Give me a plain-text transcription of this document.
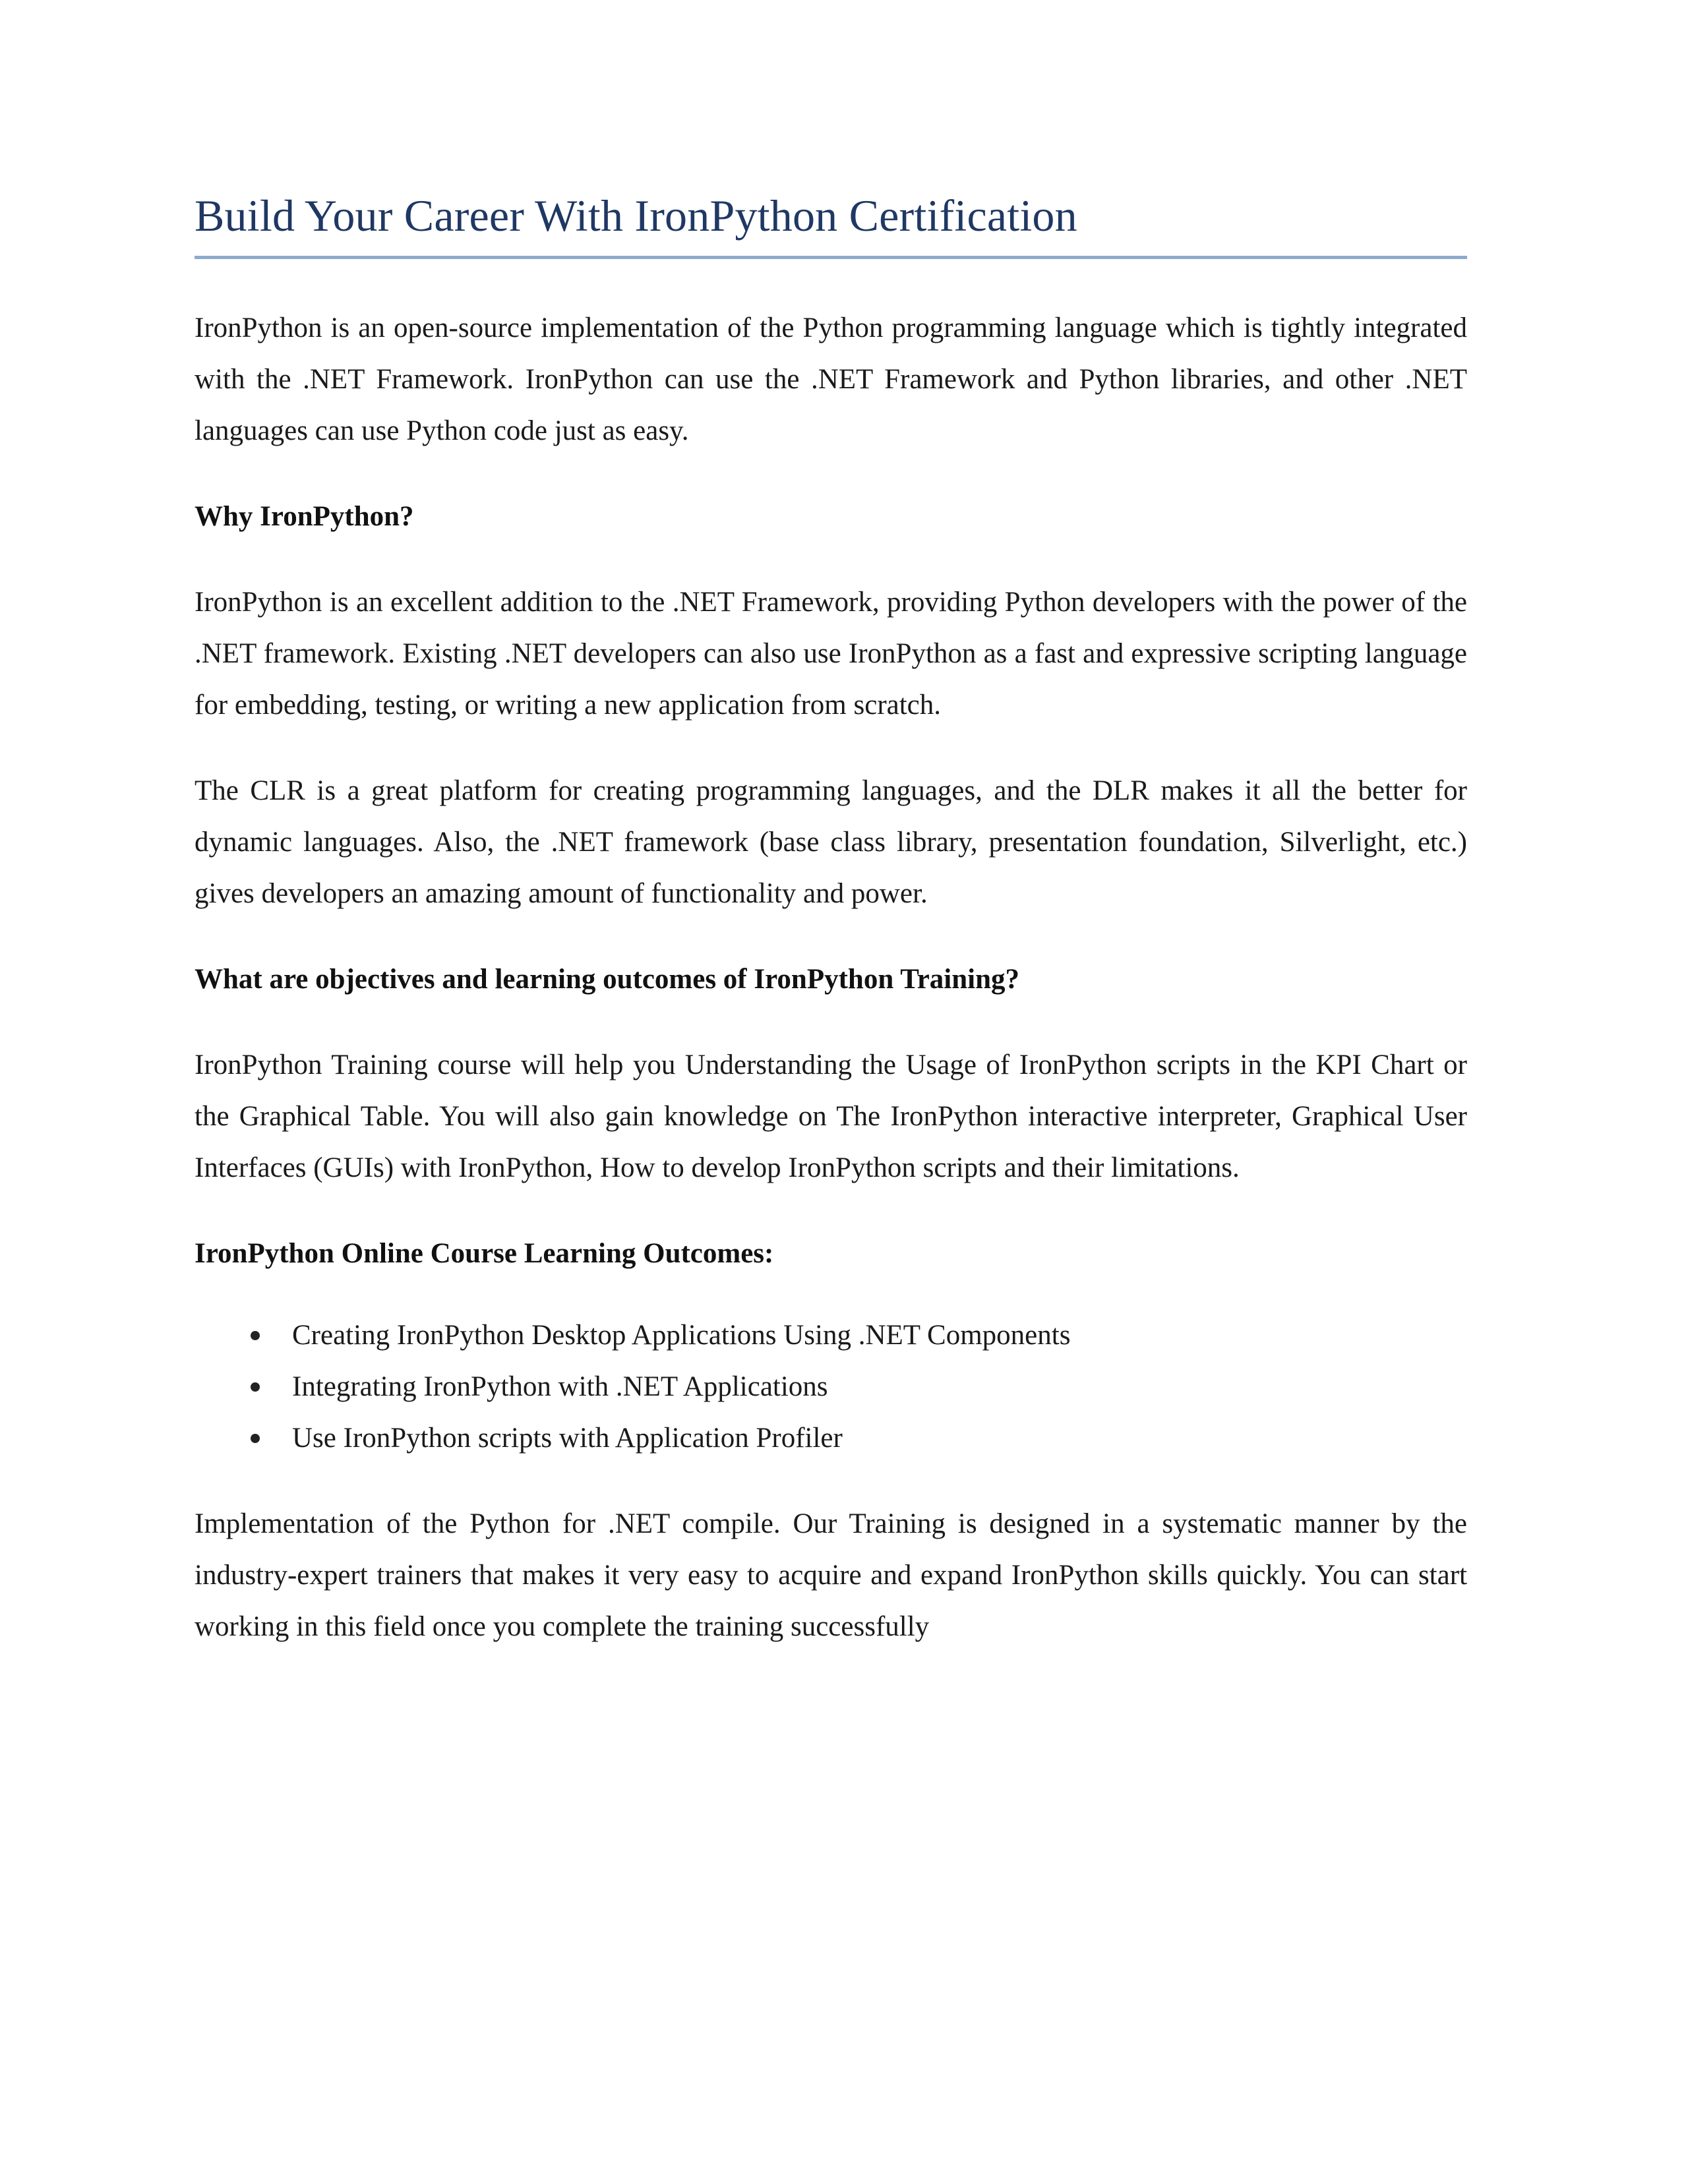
Build Your Career With IronPython Certification

IronPython is an open-source implementation of the Python programming language which is tightly integrated with the .NET Framework. IronPython can use the .NET Framework and Python libraries, and other .NET languages can use Python code just as easy.

Why IronPython?

IronPython is an excellent addition to the .NET Framework, providing Python developers with the power of the .NET framework. Existing .NET developers can also use IronPython as a fast and expressive scripting language for embedding, testing, or writing a new application from scratch.

The CLR is a great platform for creating programming languages, and the DLR makes it all the better for dynamic languages. Also, the .NET framework (base class library, presentation foundation, Silverlight, etc.) gives developers an amazing amount of functionality and power.

What are objectives and learning outcomes of IronPython Training?

IronPython Training course will help you Understanding the Usage of IronPython scripts in the KPI Chart or the Graphical Table. You will also gain knowledge on The IronPython interactive interpreter, Graphical User Interfaces (GUIs) with IronPython, How to develop IronPython scripts and their limitations.

IronPython Online Course Learning Outcomes:

Creating IronPython Desktop Applications Using .NET Components
Integrating IronPython with .NET Applications
Use IronPython scripts with Application Profiler

Implementation of the Python for .NET compile. Our Training is designed in a systematic manner by the industry-expert trainers that makes it very easy to acquire and expand IronPython skills quickly. You can start working in this field once you complete the training successfully
